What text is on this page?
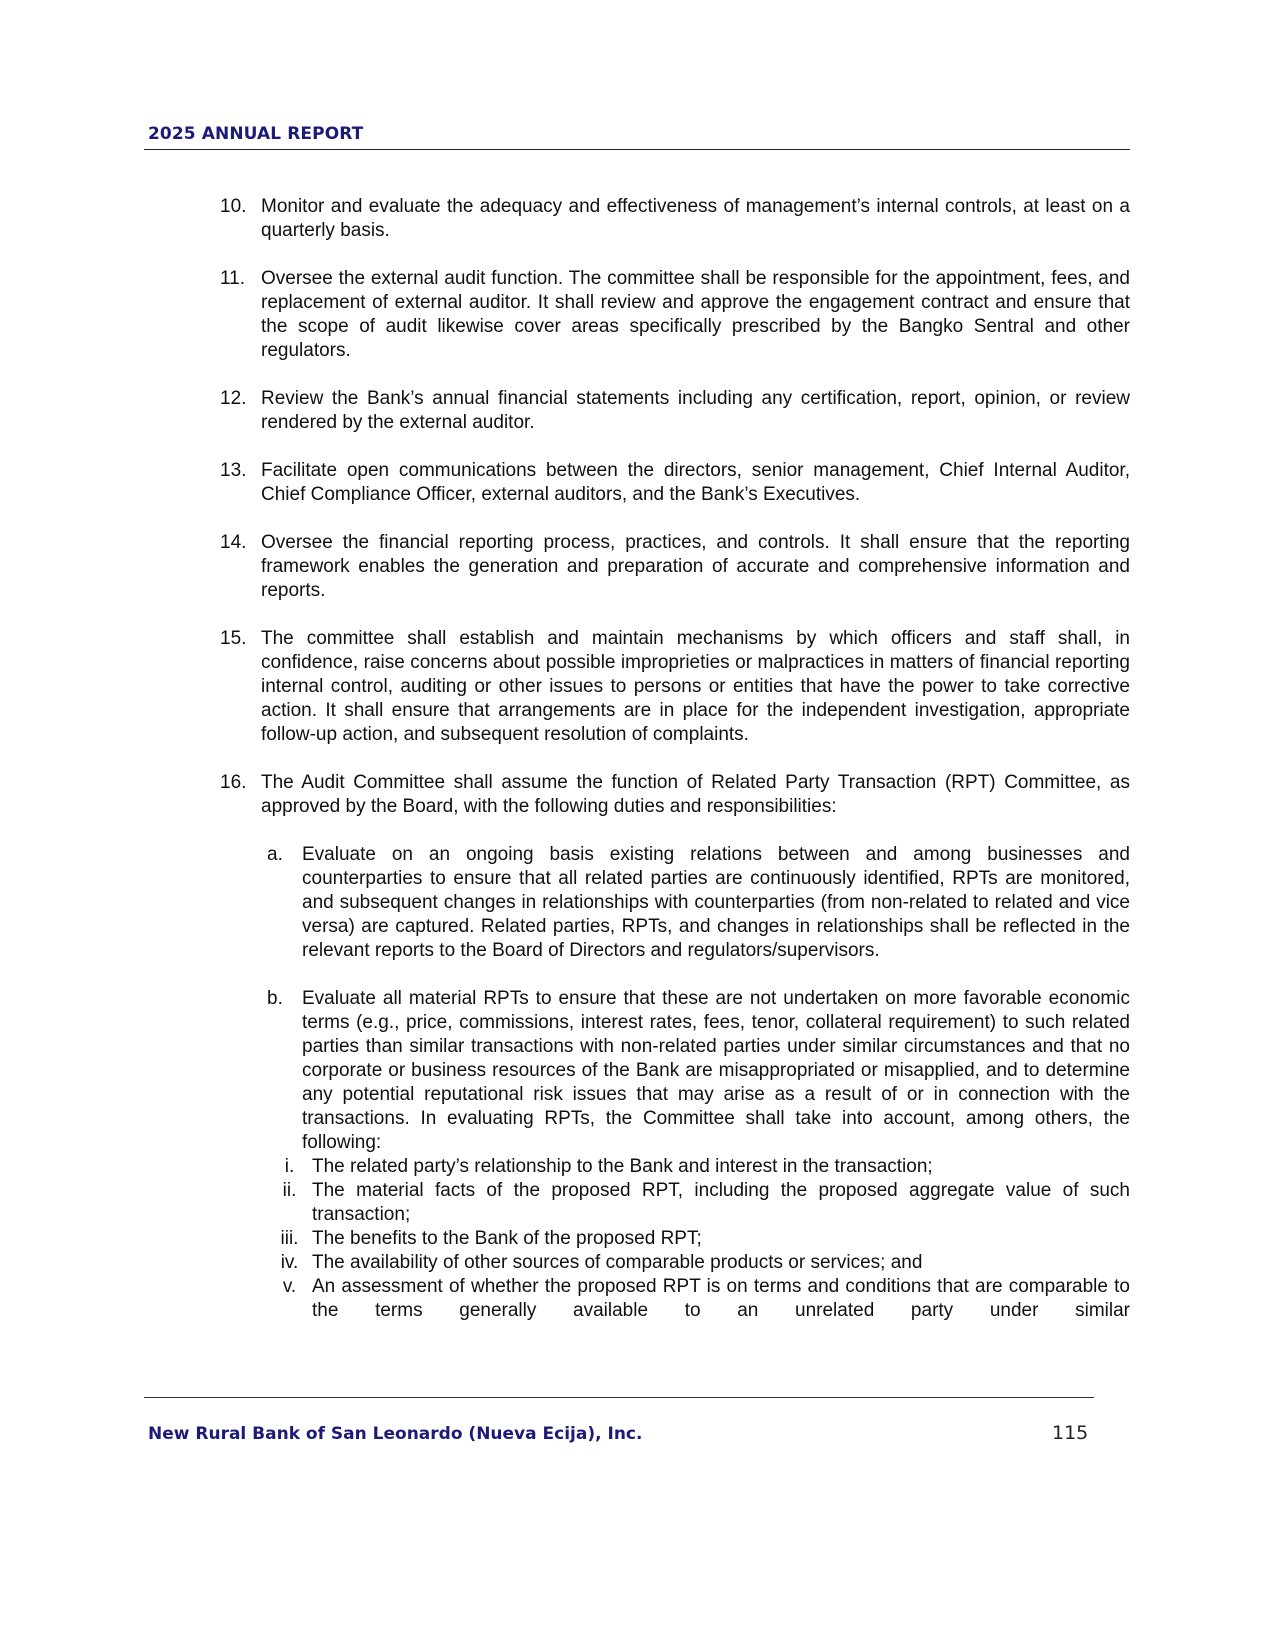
2025 ANNUAL REPORT
10. Monitor and evaluate the adequacy and effectiveness of management’s internal controls, at least on a quarterly basis.
11. Oversee the external audit function. The committee shall be responsible for the appointment, fees, and replacement of external auditor. It shall review and approve the engagement contract and ensure that the scope of audit likewise cover areas specifically prescribed by the Bangko Sentral and other regulators.
12. Review the Bank’s annual financial statements including any certification, report, opinion, or review rendered by the external auditor.
13. Facilitate open communications between the directors, senior management, Chief Internal Auditor, Chief Compliance Officer, external auditors, and the Bank’s Executives.
14. Oversee the financial reporting process, practices, and controls. It shall ensure that the reporting framework enables the generation and preparation of accurate and comprehensive information and reports.
15. The committee shall establish and maintain mechanisms by which officers and staff shall, in confidence, raise concerns about possible improprieties or malpractices in matters of financial reporting internal control, auditing or other issues to persons or entities that have the power to take corrective action. It shall ensure that arrangements are in place for the independent investigation, appropriate follow-up action, and subsequent resolution of complaints.
16. The Audit Committee shall assume the function of Related Party Transaction (RPT) Committee, as approved by the Board, with the following duties and responsibilities:
a.	Evaluate on an ongoing basis existing relations between and among businesses and counterparties to ensure that all related parties are continuously identified, RPTs are monitored, and subsequent changes in relationships with counterparties (from non-related to related and vice versa) are captured. Related parties, RPTs, and changes in relationships shall be reflected in the relevant reports to the Board of Directors and regulators/supervisors.
b.	Evaluate all material RPTs to ensure that these are not undertaken on more favorable economic terms (e.g., price, commissions, interest rates, fees, tenor, collateral requirement) to such related parties than similar transactions with non-related parties under similar circumstances and that no corporate or business resources of the Bank are misappropriated or misapplied, and to determine any potential reputational risk issues that may arise as a result of or in connection with the transactions. In evaluating RPTs, the Committee shall take into account, among others, the following:
i. The related party’s relationship to the Bank and interest in the transaction;
ii. The material facts of the proposed RPT, including the proposed aggregate value of such transaction;
iii. The benefits to the Bank of the proposed RPT;
iv. The availability of other sources of comparable products or services; and
v. An assessment of whether the proposed RPT is on terms and conditions that are comparable to the terms generally available to an unrelated party under similar
New Rural Bank of San Leonardo (Nueva Ecija), Inc.	115
